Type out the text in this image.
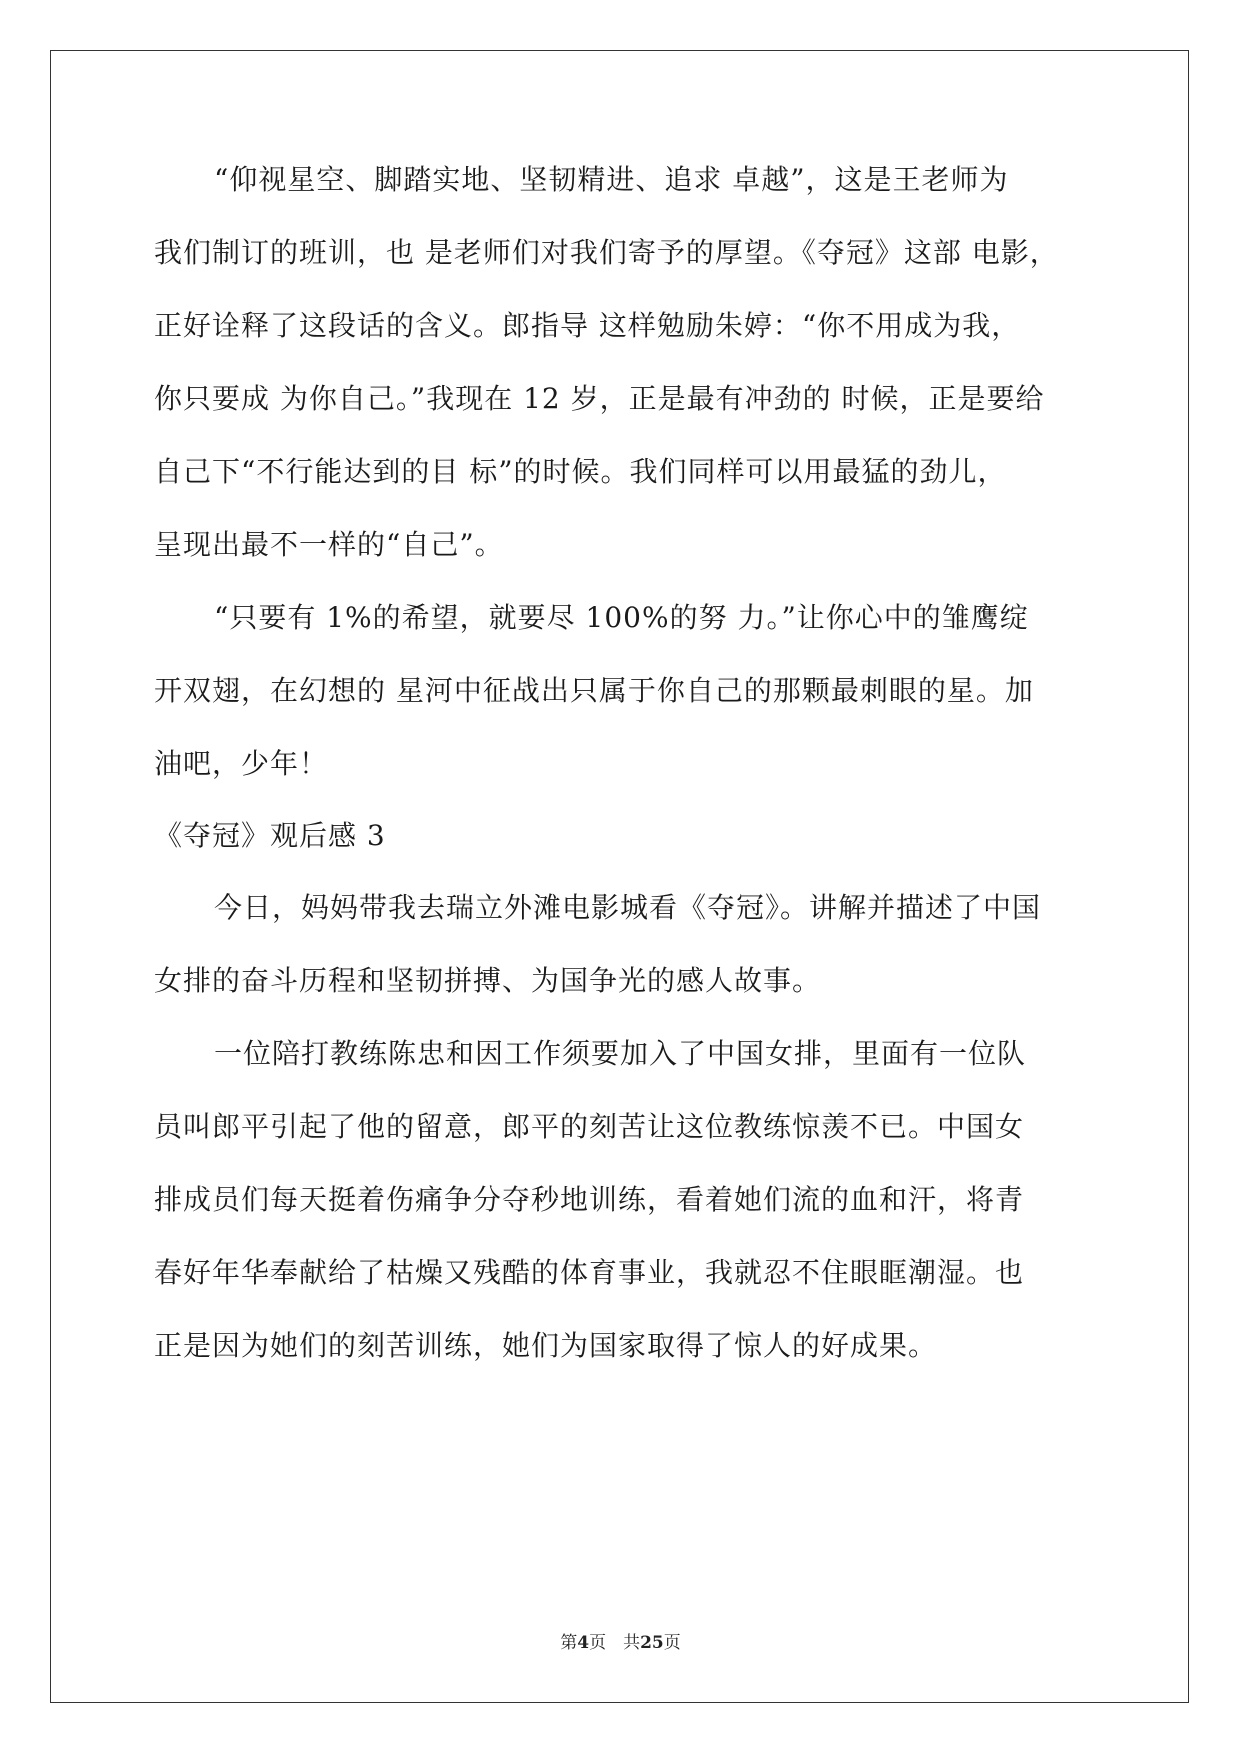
“仰视星空、脚踏实地、坚韧精进、追求 卓越”，这是王老师为
我们制订的班训，也 是老师们对我们寄予的厚望。《夺冠》这部 电影，
正好诠释了这段话的含义。郎指导 这样勉励朱婷：“你不用成为我，
你只要成 为你自己。”我现在 12 岁，正是最有冲劲的 时候，正是要给
自己下“不行能达到的目 标”的时候。我们同样可以用最猛的劲儿，
呈现出最不一样的“自己”。
“只要有 1%的希望，就要尽 100%的努 力。”让你心中的雏鹰绽
开双翅，在幻想的 星河中征战出只属于你自己的那颗最刺眼的星。加
油吧，少年！
《夺冠》观后感 3
今日，妈妈带我去瑞立外滩电影城看《夺冠》。讲解并描述了中国
女排的奋斗历程和坚韧拼搏、为国争光的感人故事。
一位陪打教练陈忠和因工作须要加入了中国女排，里面有一位队
员叫郎平引起了他的留意，郎平的刻苦让这位教练惊羡不已。中国女
排成员们每天挺着伤痛争分夺秒地训练，看着她们流的血和汗，将青
春好年华奉献给了枯燥又残酷的体育事业，我就忍不住眼眶潮湿。也
正是因为她们的刻苦训练，她们为国家取得了惊人的好成果。
第4页　共25页
